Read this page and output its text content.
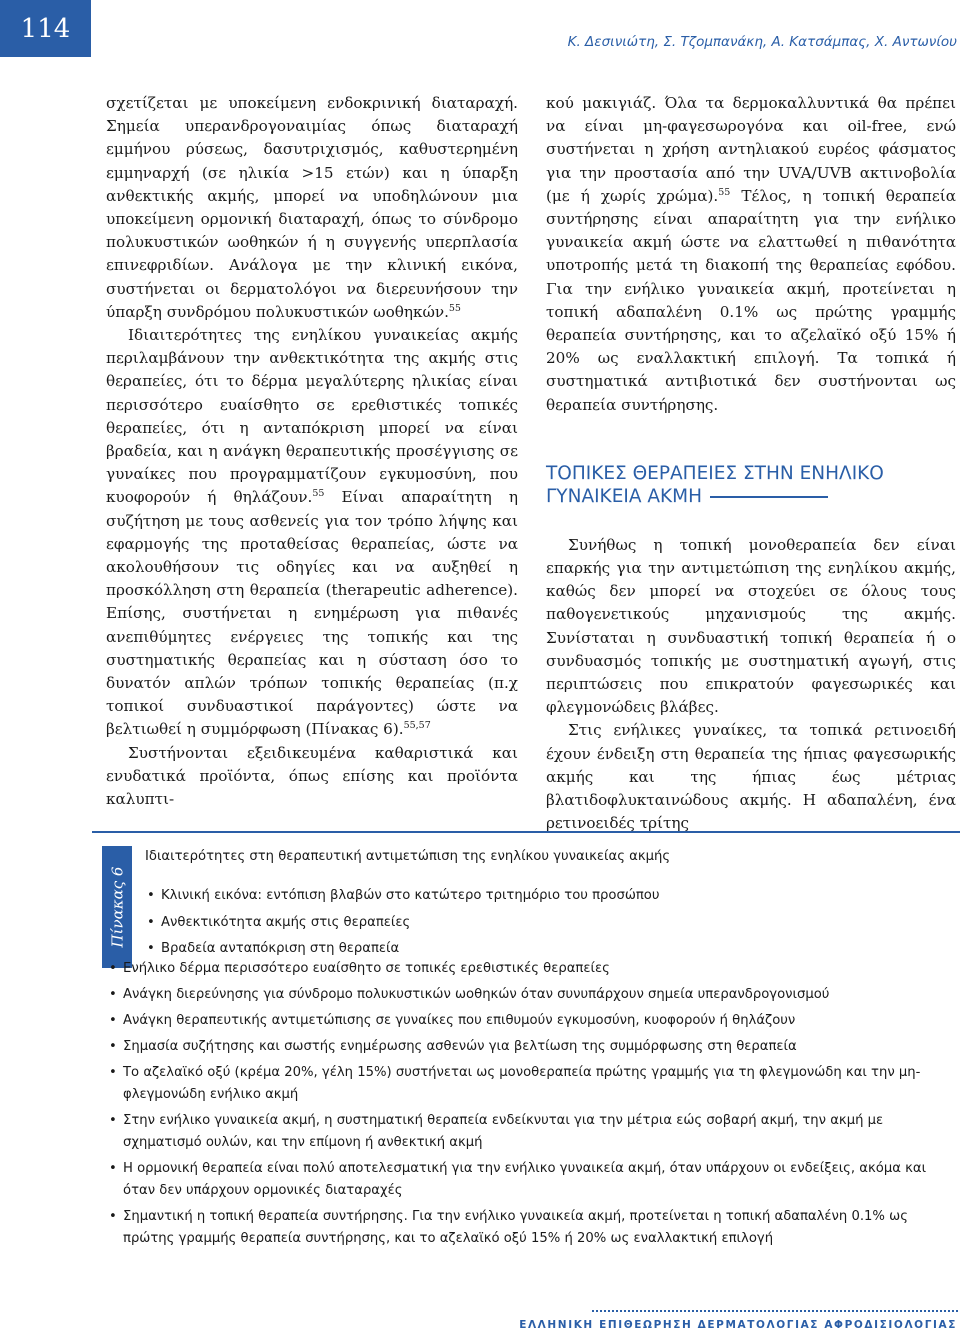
114	Κ. Δεσινιώτη, Σ. Τζομπανάκη, Α. Κατσάμπας, Χ. Αντωνίου

σχετίζεται με υποκείμενη ενδοκρινική διαταραχή. Σημεία υπερανδρογοναιμίας όπως διαταραχή εμμήνου ρύσεως, δασυτριχισμός, καθυστερημένη εμμηναρχή (σε ηλικία >15 ετών) και η ύπαρξη ανθεκτικής ακμής, μπορεί να υποδηλώνουν μια υποκείμενη ορμονική διαταραχή, όπως το σύνδρομο πολυκυστικών ωοθηκών ή η συγγενής υπερπλασία επινεφριδίων. Ανάλογα με την κλινική εικόνα, συστήνεται οι δερματολόγοι να διερευνήσουν την ύπαρξη συνδρόμου πολυκυστικών ωοθηκών.$^{55}$

Ιδιαιτερότητες της ενηλίκου γυναικείας ακμής περιλαμβάνουν την ανθεκτικότητα της ακμής στις θεραπείες, ότι το δέρμα μεγαλύτερης ηλικίας είναι περισσότερο ευαίσθητο σε ερεθιστικές τοπικές θεραπείες, ότι η ανταπόκριση μπορεί να είναι βραδεία, και η ανάγκη θεραπευτικής προσέγγισης σε γυναίκες που προγραμματίζουν εγκυμοσύνη, που κυοφορούν ή θηλάζουν.$^{55}$ Είναι απαραίτητη η συζήτηση με τους ασθενείς για τον τρόπο λήψης και εφαρμογής της προταθείσας θεραπείας, ώστε να ακολουθήσουν τις οδηγίες και να αυξηθεί η προσκόλληση στη θεραπεία (therapeutic adherence). Επίσης, συστήνεται η ενημέρωση για πιθανές ανεπιθύμητες ενέργειες της τοπικής και της συστηματικής θεραπείας και η σύσταση όσο το δυνατόν απλών τρόπων τοπικής θεραπείας (π.χ τοπικοί συνδυαστικοί παράγοντες) ώστε να βελτιωθεί η συμμόρφωση (Πίνακας 6).$^{55,57}$

Συστήνονται εξειδικευμένα καθαριστικά και ενυδατικά προϊόντα, όπως επίσης και προϊόντα καλυπτι-

κού μακιγιάζ. Όλα τα δερμοκαλλυντικά θα πρέπει να είναι μη-φαγεσωρογόνα και oil-free, ενώ συστήνεται η χρήση αντηλιακού ευρέος φάσματος για την προστασία από την UVA/UVB ακτινοβολία (με ή χωρίς χρώμα).$^{55}$ Τέλος, η τοπική θεραπεία συντήρησης είναι απαραίτητη για την ενήλικο γυναικεία ακμή ώστε να ελαττωθεί η πιθανότητα υποτροπής μετά τη διακοπή της θεραπείας εφόδου. Για την ενήλικο γυναικεία ακμή, προτείνεται η τοπική αδαπαλένη 0.1% ως πρώτης γραμμής θεραπεία συντήρησης, και το αζελαϊκό οξύ 15% ή 20% ως εναλλακτική επιλογή. Τα τοπικά ή συστηματικά αντιβιοτικά δεν συστήνονται ως θεραπεία συντήρησης.

ΤΟΠΙΚΕΣ ΘΕΡΑΠΕΙΕΣ ΣΤΗΝ ΕΝΗΛΙΚΟ
ΓΥΝΑΙΚΕΙΑ ΑΚΜΗ

Συνήθως η τοπική μονοθεραπεία δεν είναι επαρκής για την αντιμετώπιση της ενηλίκου ακμής, καθώς δεν μπορεί να στοχεύει σε όλους τους παθογενετικούς μηχανισμούς της ακμής. Συνίσταται η συνδυαστική τοπική θεραπεία ή ο συνδυασμός τοπικής με συστηματική αγωγή, στις περιπτώσεις που επικρατούν φαγεσωρικές και φλεγμονώδεις βλάβες.

Στις ενήλικες γυναίκες, τα τοπικά ρετινοειδή έχουν ένδειξη στη θεραπεία της ήπιας φαγεσωρικής ακμής και της ήπιας έως μέτριας βλατιδοφλυκταινώδους ακμής. Η αδαπαλένη, ένα ρετινοειδές τρίτης

Πίνακας 6
Ιδιαιτερότητες στη θεραπευτική αντιμετώπιση της ενηλίκου γυναικείας ακμής
• Κλινική εικόνα: εντόπιση βλαβών στο κατώτερο τριτημόριο του προσώπου
• Ανθεκτικότητα ακμής στις θεραπείες
• Βραδεία ανταπόκριση στη θεραπεία
• Ενήλικο δέρμα περισσότερο ευαίσθητο σε τοπικές ερεθιστικές θεραπείες
• Ανάγκη διερεύνησης για σύνδρομο πολυκυστικών ωοθηκών όταν συνυπάρχουν σημεία υπερανδρογονισμού
• Ανάγκη θεραπευτικής αντιμετώπισης σε γυναίκες που επιθυμούν εγκυμοσύνη, κυοφορούν ή θηλάζουν
• Σημασία συζήτησης και σωστής ενημέρωσης ασθενών για βελτίωση της συμμόρφωσης στη θεραπεία
• Το αζελαϊκό οξύ (κρέμα 20%, γέλη 15%) συστήνεται ως μονοθεραπεία πρώτης γραμμής για τη φλεγμονώδη και την μη-φλεγμονώδη ενήλικο ακμή
• Στην ενήλικο γυναικεία ακμή, η συστηματική θεραπεία ενδείκνυται για την μέτρια εώς σοβαρή ακμή, την ακμή με σχηματισμό ουλών, και την επίμονη ή ανθεκτική ακμή
• Η ορμονική θεραπεία είναι πολύ αποτελεσματική για την ενήλικο γυναικεία ακμή, όταν υπάρχουν οι ενδείξεις, ακόμα και όταν δεν υπάρχουν ορμονικές διαταραχές
• Σημαντική η τοπική θεραπεία συντήρησης. Για την ενήλικο γυναικεία ακμή, προτείνεται η τοπική αδαπαλένη 0.1% ως πρώτης γραμμής θεραπεία συντήρησης, και το αζελαϊκό οξύ 15% ή 20% ως εναλλακτική επιλογή
ΕΛΛΗΝΙΚΗ ΕΠΙΘΕΩΡΗΣΗ ΔΕΡΜΑΤΟΛΟΓΙΑΣ ΑΦΡΟΔΙΣΙΟΛΟΓΙΑΣ
